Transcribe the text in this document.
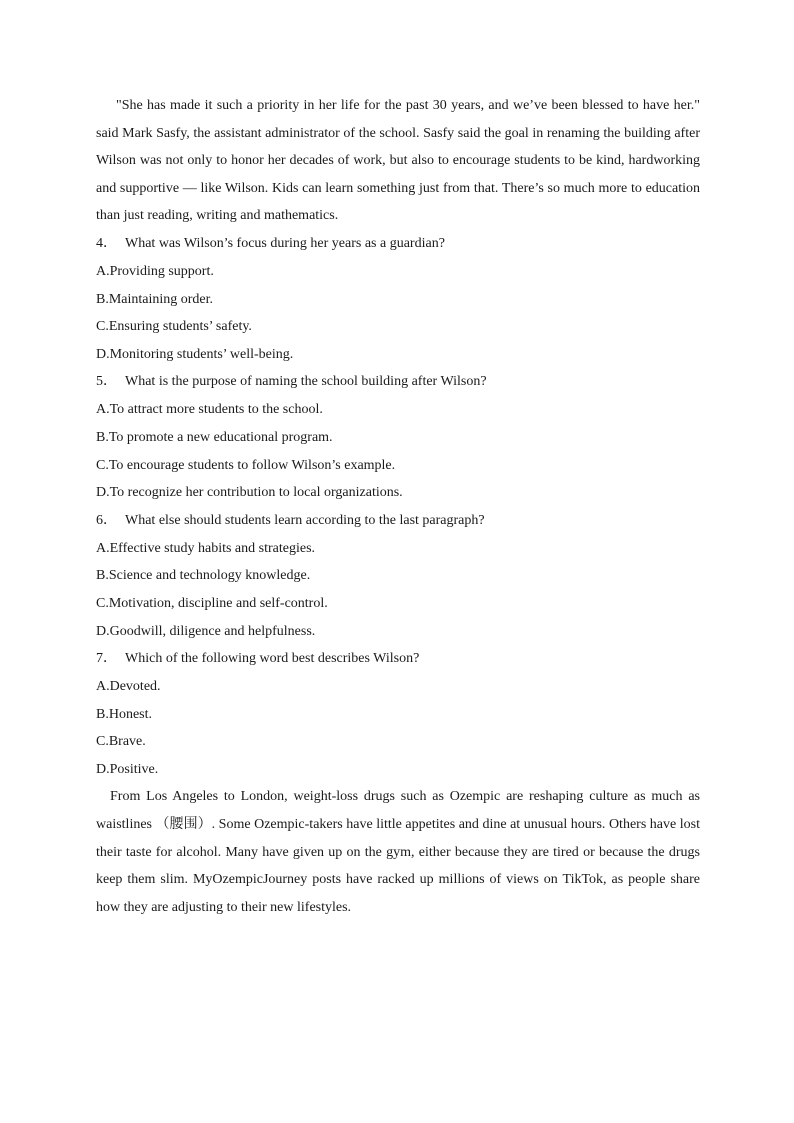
"She has made it such a priority in her life for the past 30 years, and we’ve been blessed to have her." said Mark Sasfy, the assistant administrator of the school. Sasfy said the goal in renaming the building after Wilson was not only to honor her decades of work, but also to encourage students to be kind, hardworking and supportive — like Wilson. Kids can learn something just from that. There’s so much more to education than just reading, writing and mathematics.

4． What was Wilson’s focus during her years as a guardian?

A.Providing support.

B.Maintaining order.

C.Ensuring students’ safety.

D.Monitoring students’ well-being.

5． What is the purpose of naming the school building after Wilson?

A.To attract more students to the school.

B.To promote a new educational program.

C.To encourage students to follow Wilson’s example.

D.To recognize her contribution to local organizations.

6． What else should students learn according to the last paragraph?

A.Effective study habits and strategies.

B.Science and technology knowledge.

C.Motivation, discipline and self-control.

D.Goodwill, diligence and helpfulness.

7． Which of the following word best describes Wilson?

A.Devoted.

B.Honest.

C.Brave.

D.Positive.

From Los Angeles to London, weight-loss drugs such as Ozempic are reshaping culture as much as waistlines （腰围）. Some Ozempic-takers have little appetites and dine at unusual hours. Others have lost their taste for alcohol. Many have given up on the gym, either because they are tired or because the drugs keep them slim. MyOzempicJourney posts have racked up millions of views on TikTok, as people share how they are adjusting to their new lifestyles.
